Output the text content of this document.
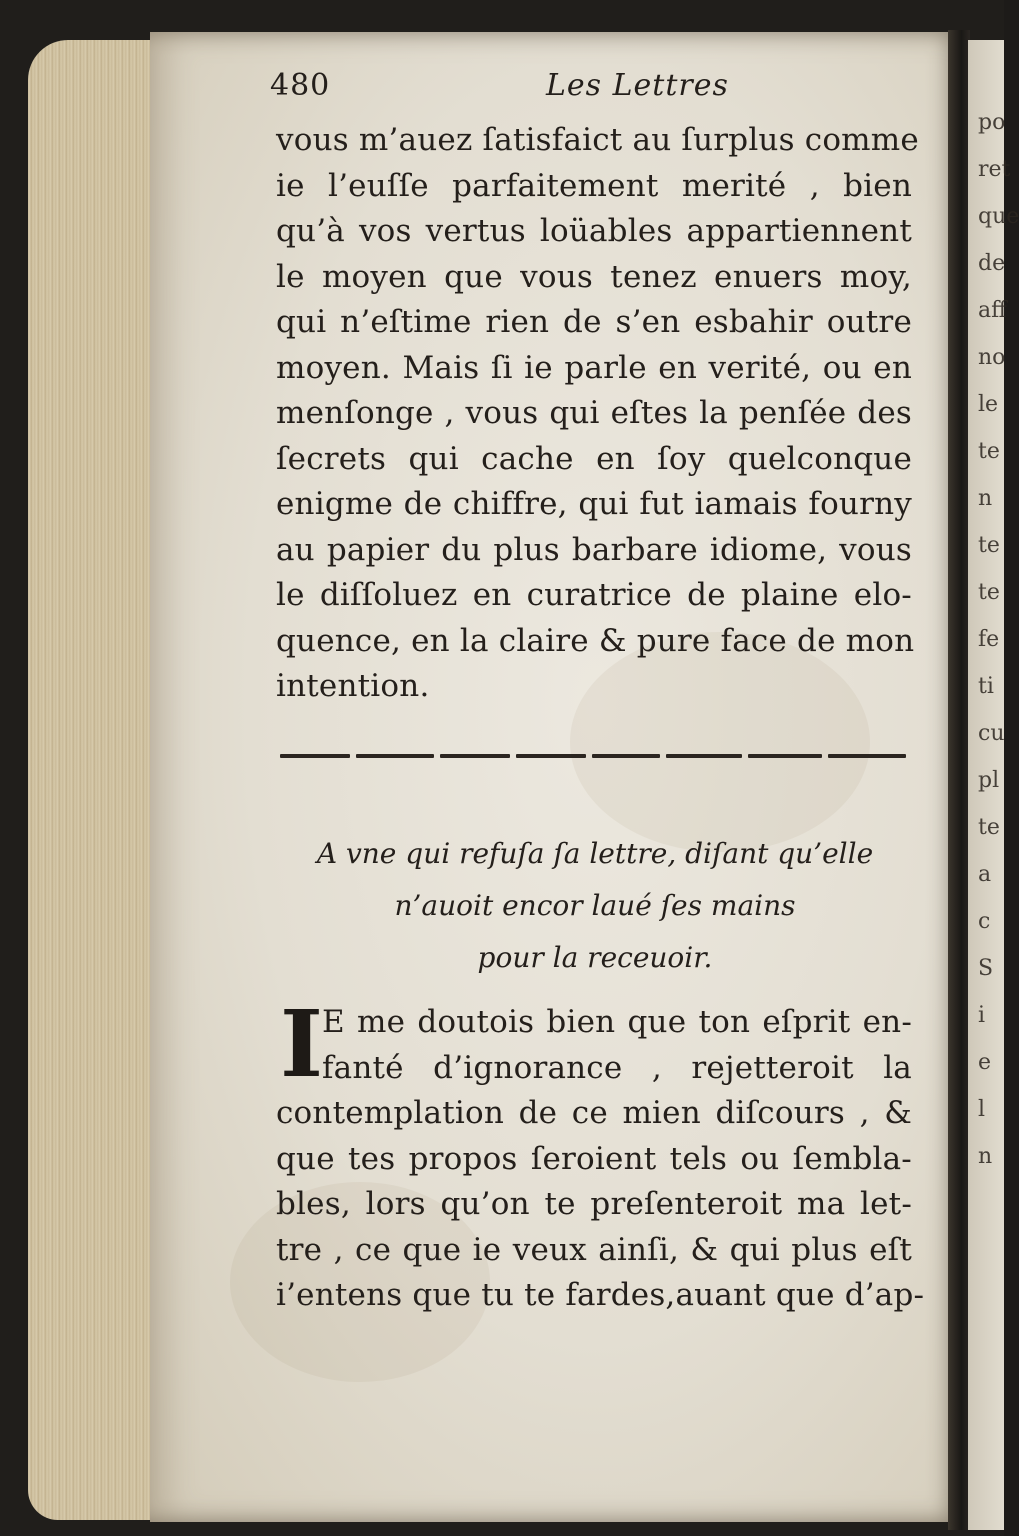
po
ret
que
de
aff
no
le
te
n
te
te
fe
ti
cu
pl
te
a
c
S
i
e
l
n
480	Les Lettres
vous m’auez ſatisfaict au ſurplus comme
ie l’euſſe parfaitement merité , bien
qu’à vos vertus loüables appartiennent
le moyen que vous tenez enuers moy,
qui n’eſtime rien de s’en esbahir outre
moyen. Mais ſi ie parle en verité, ou en
menſonge , vous qui eſtes la penſée des
ſecrets qui cache en ſoy quelconque
enigme de chiffre, qui fut iamais fourny
au papier du plus barbare idiome, vous
le diſſoluez en curatrice de plaine elo-
quence, en la claire & pure face de mon
intention.
A vne qui refuſa ſa lettre, diſant qu’elle
n’auoit encor laué ſes mains
pour la receuoir.
I
E me doutois bien que ton eſprit en-
fanté d’ignorance , rejetteroit la
contemplation de ce mien diſcours , &
que tes propos ſeroient tels ou ſembla-
bles, lors qu’on te preſenteroit ma let-
tre , ce que ie veux ainſi, & qui plus eſt
i’entens que tu te fardes,auant que d’ap-
